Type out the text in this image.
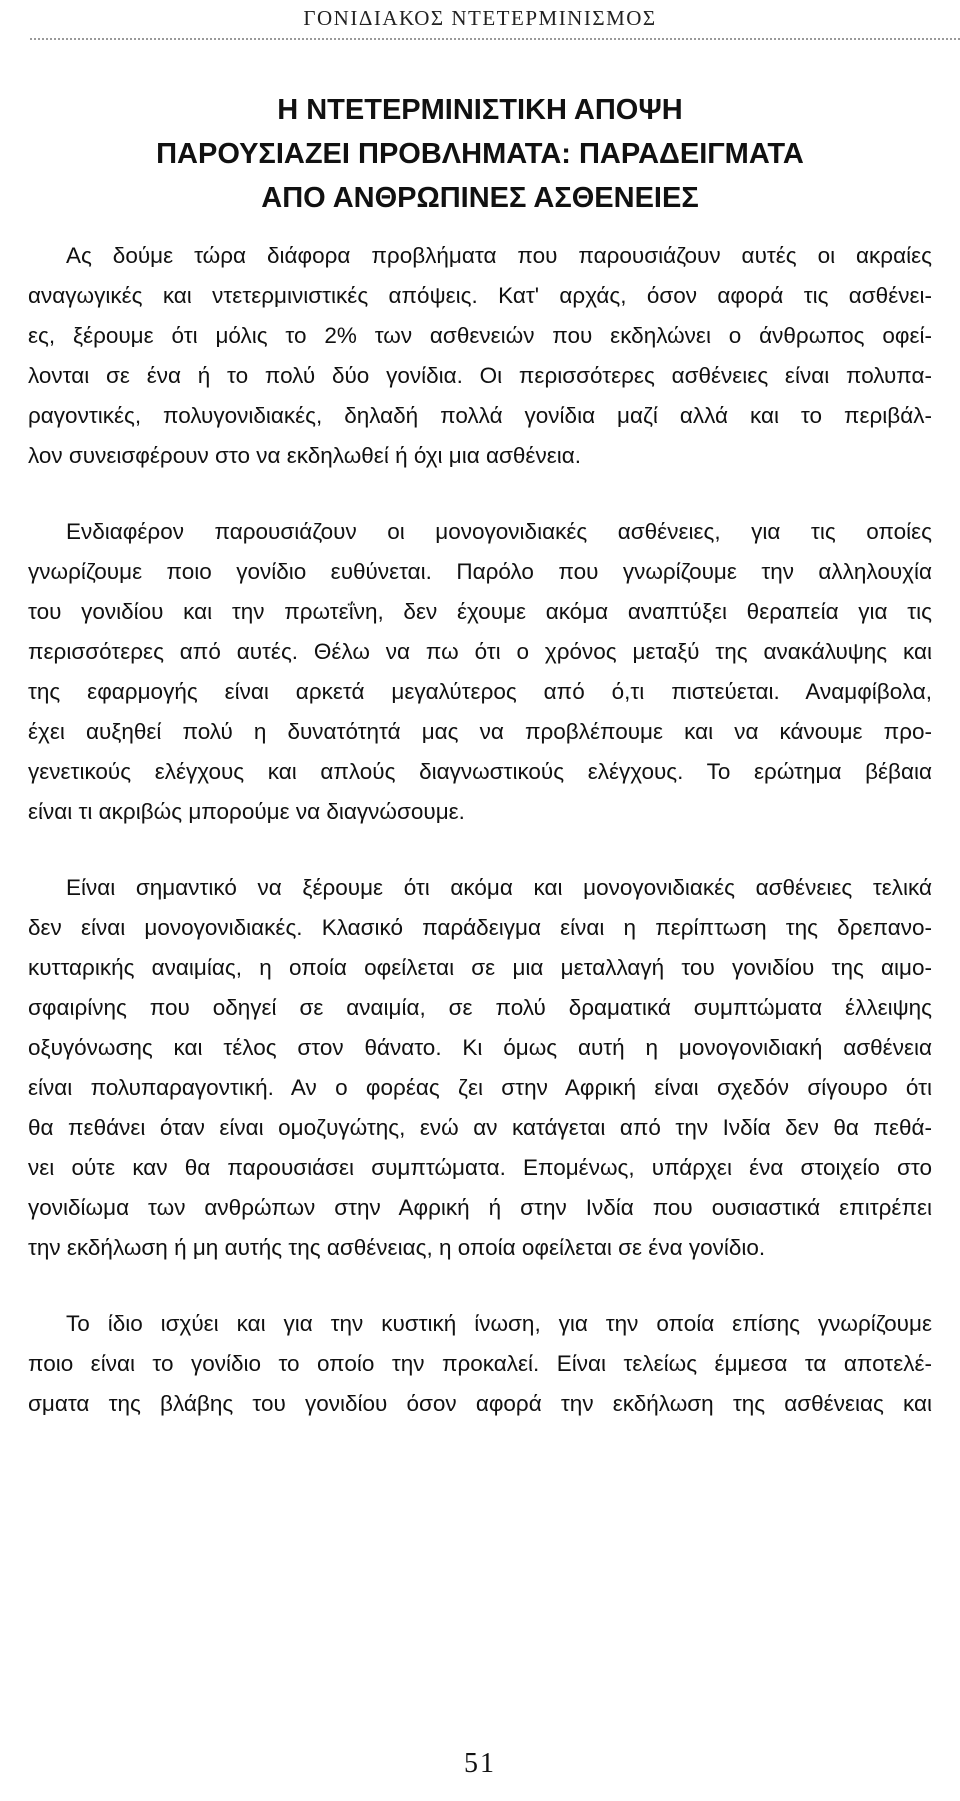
ΓΟΝΙΔΙΑΚΟΣ ΝΤΕΤΕΡΜΙΝΙΣΜΟΣ
Η ΝΤΕΤΕΡΜΙΝΙΣΤΙΚΗ ΑΠΟΨΗ
ΠΑΡΟΥΣΙΑΖΕΙ ΠΡΟΒΛΗΜΑΤΑ: ΠΑΡΑΔΕΙΓΜΑΤΑ
ΑΠΟ ΑΝΘΡΩΠΙΝΕΣ ΑΣΘΕΝΕΙΕΣ
Ας δούμε τώρα διάφορα προβλήματα που παρουσιάζουν αυτές οι ακραίες
αναγωγικές και ντετερμινιστικές απόψεις. Κατ' αρχάς, όσον αφορά τις ασθένει-
ες, ξέρουμε ότι μόλις το 2% των ασθενειών που εκδηλώνει ο άνθρωπος οφεί-
λονται σε ένα ή το πολύ δύο γονίδια. Οι περισσότερες ασθένειες είναι πολυπα-
ραγοντικές, πολυγονιδιακές, δηλαδή πολλά γονίδια μαζί αλλά και το περιβάλ-
λον συνεισφέρουν στο να εκδηλωθεί ή όχι μια ασθένεια.
Ενδιαφέρον παρουσιάζουν οι μονογονιδιακές ασθένειες, για τις οποίες
γνωρίζουμε ποιο γονίδιο ευθύνεται. Παρόλο που γνωρίζουμε την αλληλουχία
του γονιδίου και την πρωτεΐνη, δεν έχουμε ακόμα αναπτύξει θεραπεία για τις
περισσότερες από αυτές. Θέλω να πω ότι ο χρόνος μεταξύ της ανακάλυψης και
της εφαρμογής είναι αρκετά μεγαλύτερος από ό,τι πιστεύεται. Αναμφίβολα,
έχει αυξηθεί πολύ η δυνατότητά μας να προβλέπουμε και να κάνουμε προ-
γενετικούς ελέγχους και απλούς διαγνωστικούς ελέγχους. Το ερώτημα βέβαια
είναι τι ακριβώς μπορούμε να διαγνώσουμε.
Είναι σημαντικό να ξέρουμε ότι ακόμα και μονογονιδιακές ασθένειες τελικά
δεν είναι μονογονιδιακές. Κλασικό παράδειγμα είναι η περίπτωση της δρεπανο-
κυτταρικής αναιμίας, η οποία οφείλεται σε μια μεταλλαγή του γονιδίου της αιμο-
σφαιρίνης που οδηγεί σε αναιμία, σε πολύ δραματικά συμπτώματα έλλειψης
οξυγόνωσης και τέλος στον θάνατο. Κι όμως αυτή η μονογονιδιακή ασθένεια
είναι πολυπαραγοντική. Αν ο φορέας ζει στην Αφρική είναι σχεδόν σίγουρο ότι
θα πεθάνει όταν είναι ομοζυγώτης, ενώ αν κατάγεται από την Ινδία δεν θα πεθά-
νει ούτε καν θα παρουσιάσει συμπτώματα. Επομένως, υπάρχει ένα στοιχείο στο
γονιδίωμα των ανθρώπων στην Αφρική ή στην Ινδία που ουσιαστικά επιτρέπει
την εκδήλωση ή μη αυτής της ασθένειας, η οποία οφείλεται σε ένα γονίδιο.
Το ίδιο ισχύει και για την κυστική ίνωση, για την οποία επίσης γνωρίζουμε
ποιο είναι το γονίδιο το οποίο την προκαλεί. Είναι τελείως έμμεσα τα αποτελέ-
σματα της βλάβης του γονιδίου όσον αφορά την εκδήλωση της ασθένειας και
51
